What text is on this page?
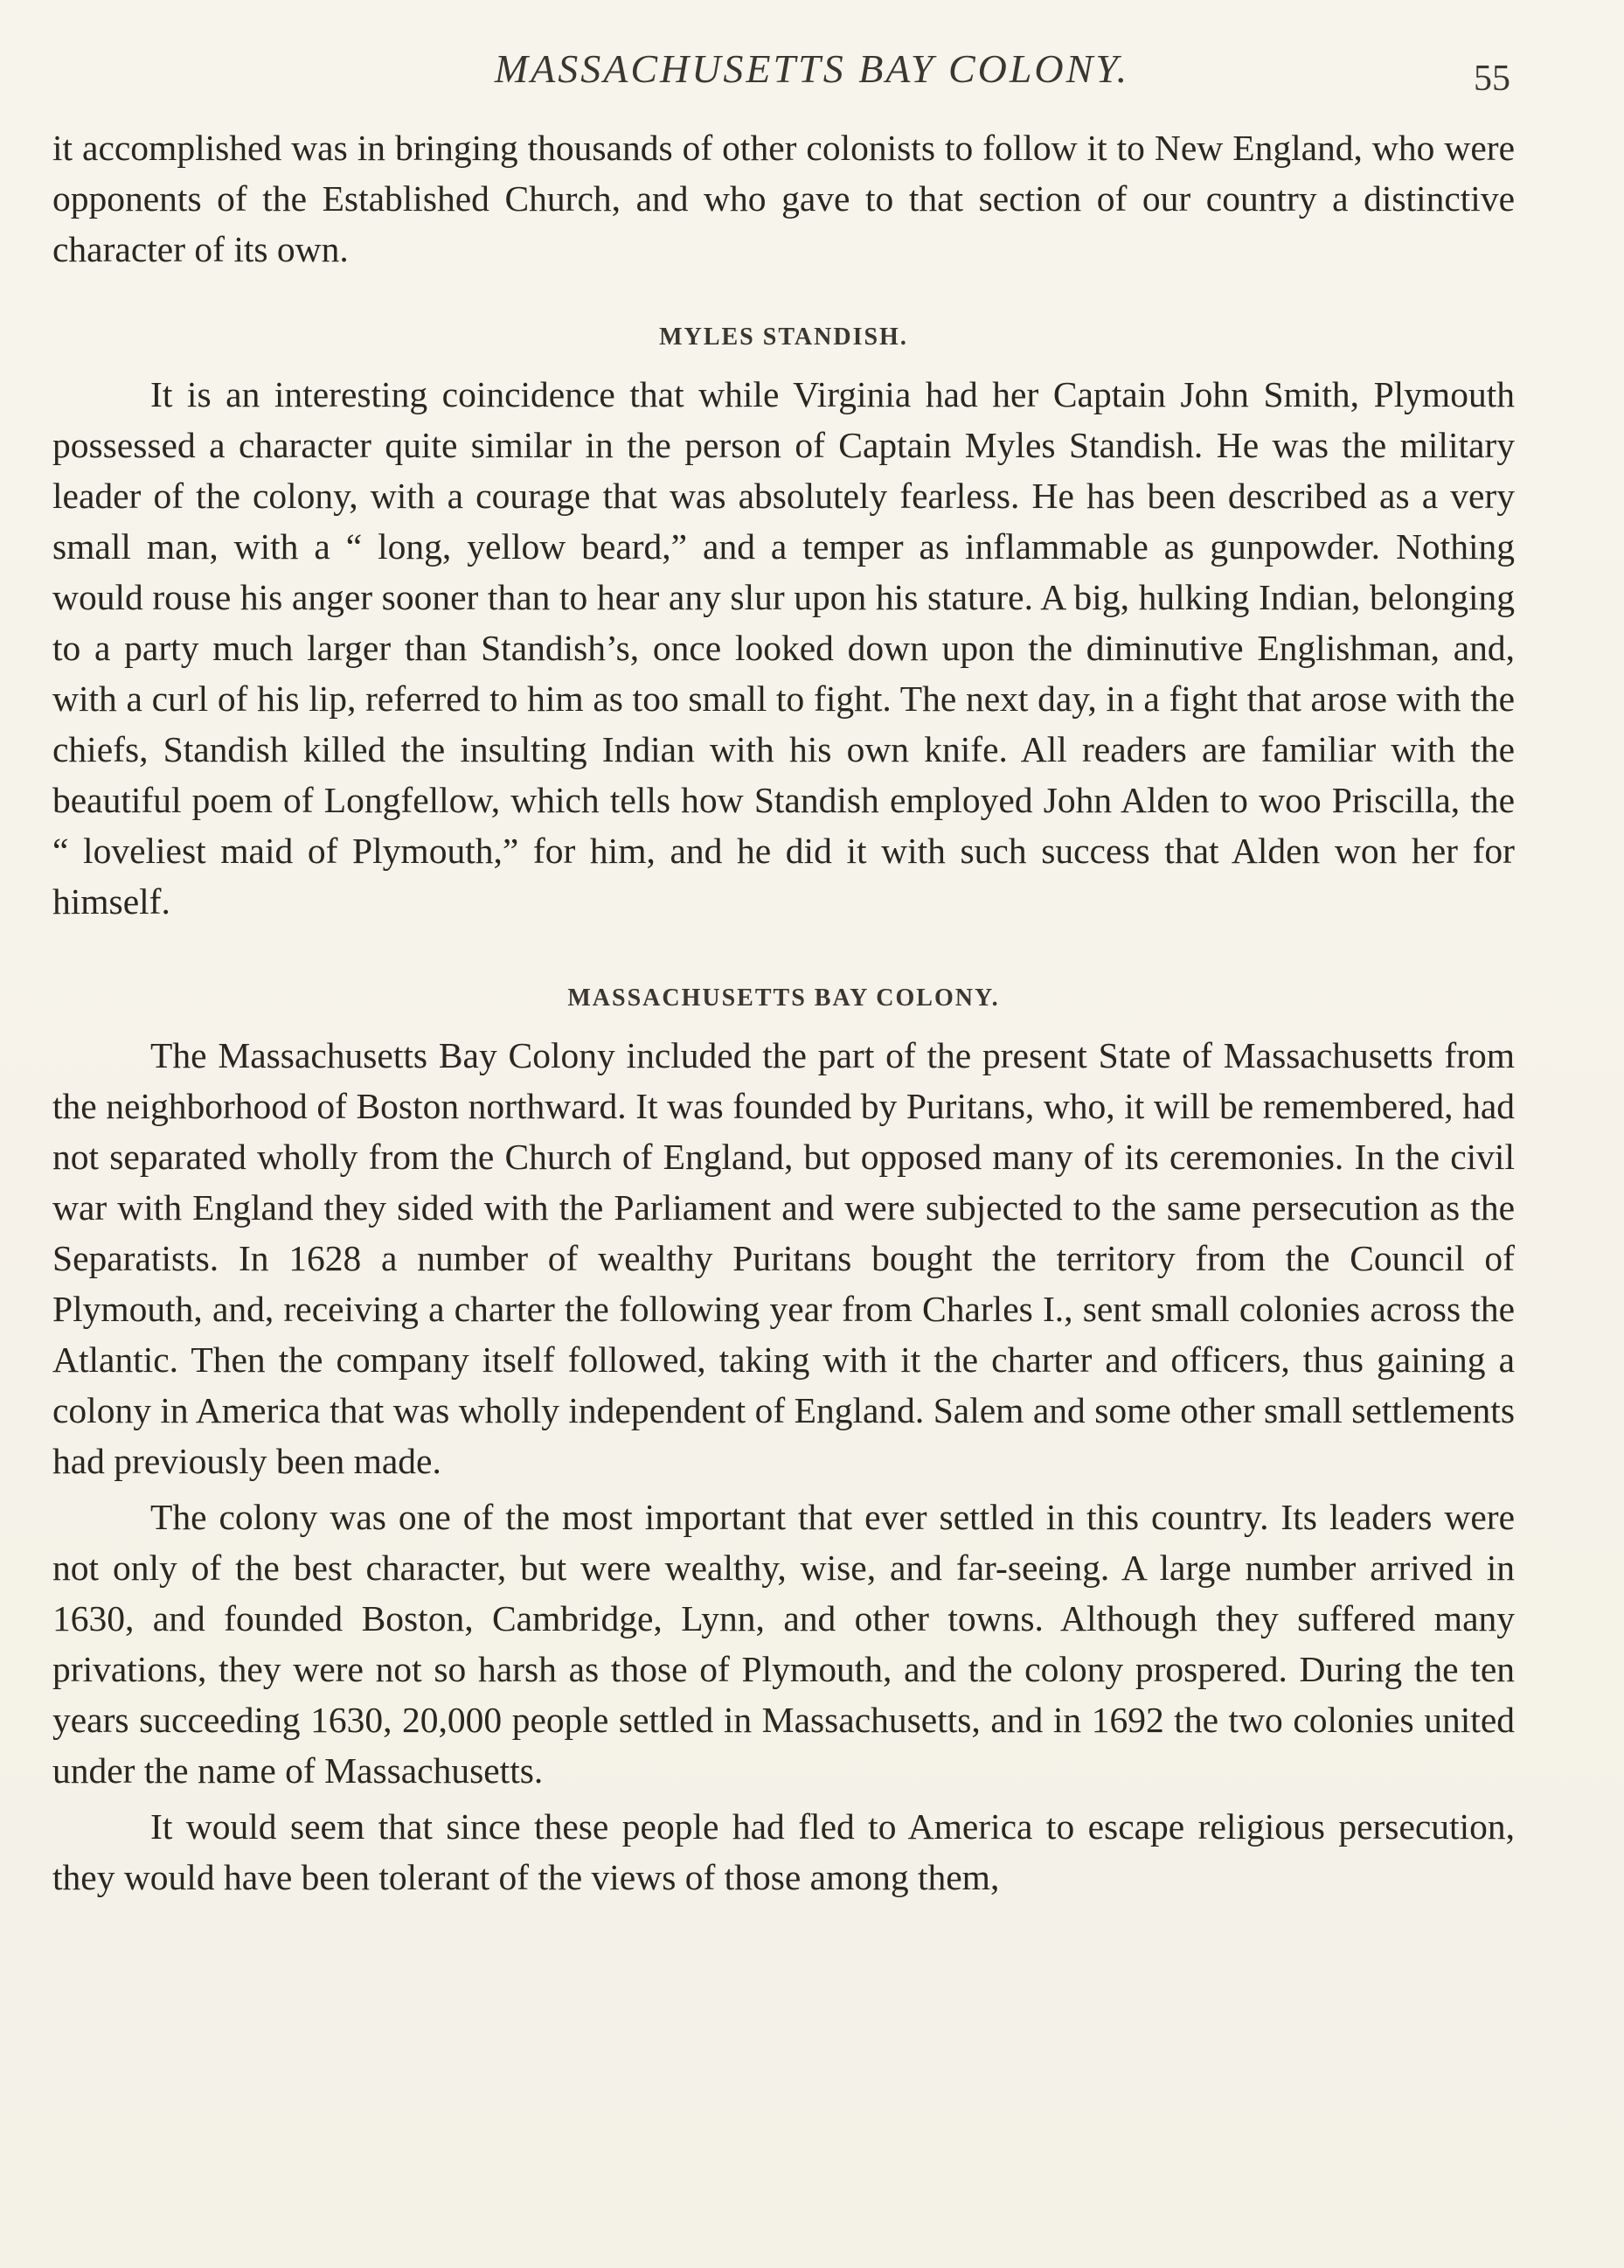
MASSACHUSETTS BAY COLONY.	55

it accomplished was in bringing thousands of other colonists to follow it to New England, who were opponents of the Established Church, and who gave to that section of our country a distinctive character of its own.

MYLES STANDISH.

It is an interesting coincidence that while Virginia had her Captain John Smith, Plymouth possessed a character quite similar in the person of Captain Myles Standish. He was the military leader of the colony, with a courage that was absolutely fearless. He has been described as a very small man, with a “ long, yellow beard,” and a temper as inflammable as gunpowder. Nothing would rouse his anger sooner than to hear any slur upon his stature. A big, hulking Indian, belonging to a party much larger than Standish’s, once looked down upon the diminutive Englishman, and, with a curl of his lip, referred to him as too small to fight. The next day, in a fight that arose with the chiefs, Standish killed the insulting Indian with his own knife. All readers are familiar with the beautiful poem of Longfellow, which tells how Standish employed John Alden to woo Priscilla, the “ loveliest maid of Plymouth,” for him, and he did it with such success that Alden won her for himself.

MASSACHUSETTS BAY COLONY.

The Massachusetts Bay Colony included the part of the present State of Massachusetts from the neighborhood of Boston northward. It was founded by Puritans, who, it will be remembered, had not separated wholly from the Church of England, but opposed many of its ceremonies. In the civil war with England they sided with the Parliament and were subjected to the same persecution as the Separatists. In 1628 a number of wealthy Puritans bought the territory from the Council of Plymouth, and, receiving a charter the following year from Charles I., sent small colonies across the Atlantic. Then the company itself followed, taking with it the charter and officers, thus gaining a colony in America that was wholly independent of England. Salem and some other small settlements had previously been made.

The colony was one of the most important that ever settled in this country. Its leaders were not only of the best character, but were wealthy, wise, and far-seeing. A large number arrived in 1630, and founded Boston, Cambridge, Lynn, and other towns. Although they suffered many privations, they were not so harsh as those of Plymouth, and the colony prospered. During the ten years succeeding 1630, 20,000 people settled in Massachusetts, and in 1692 the two colonies united under the name of Massachusetts.

It would seem that since these people had fled to America to escape religious persecution, they would have been tolerant of the views of those among them,
